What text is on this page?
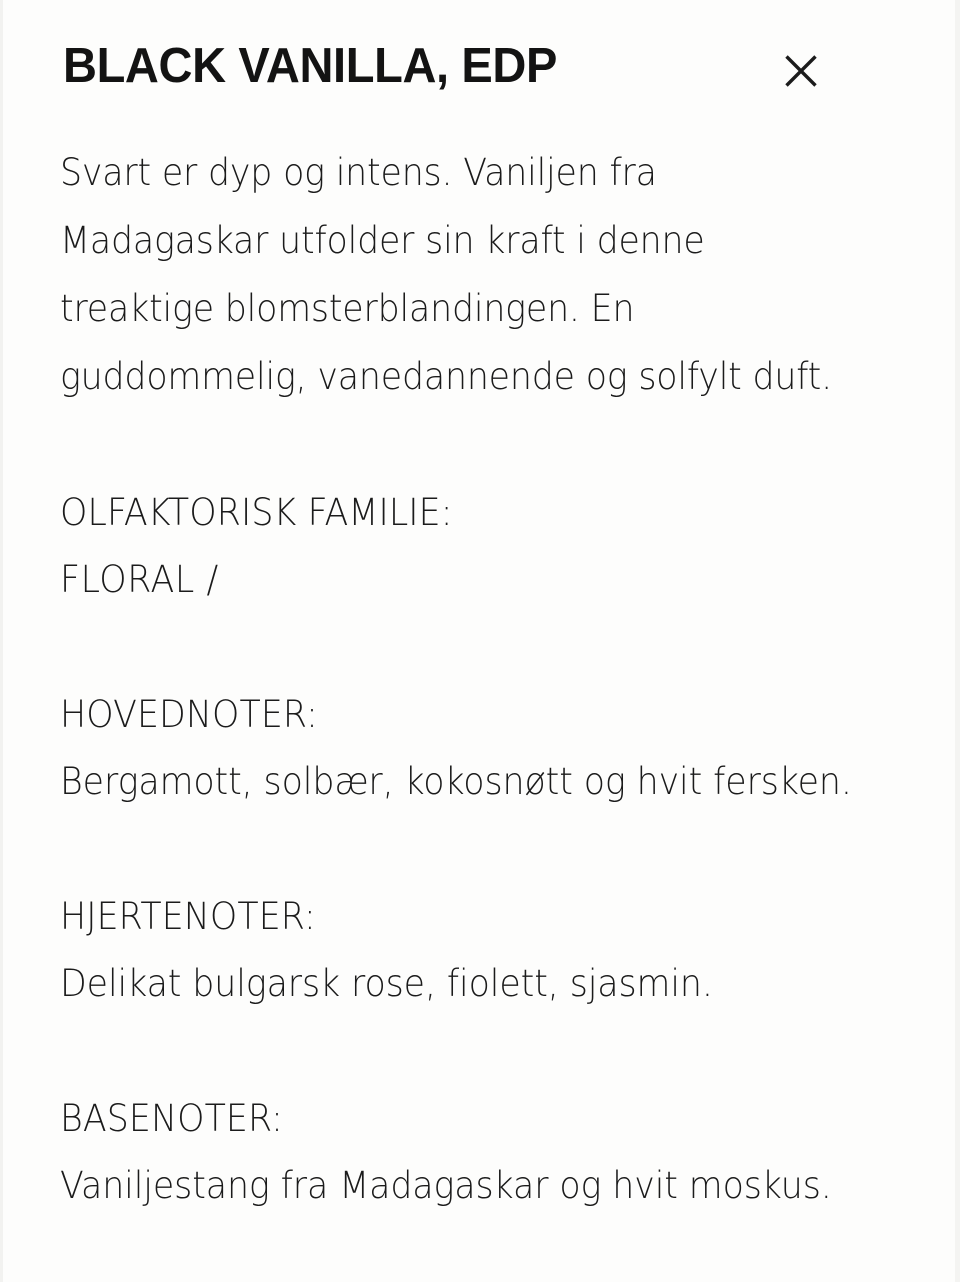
BLACK VANILLA, EDP

Svart er dyp og intens. Vaniljen fra Madagaskar utfolder sin kraft i denne treaktige blomsterblandingen. En guddommelig, vanedannende og solfylt duft.

OLFAKTORISK FAMILIE:

FLORAL /

HOVEDNOTER:

Bergamott, solbær, kokosnøtt og hvit fersken.

HJERTENOTER:

Delikat bulgarsk rose, fiolett, sjasmin.

BASENOTER:

Vaniljestang fra Madagaskar og hvit moskus.
